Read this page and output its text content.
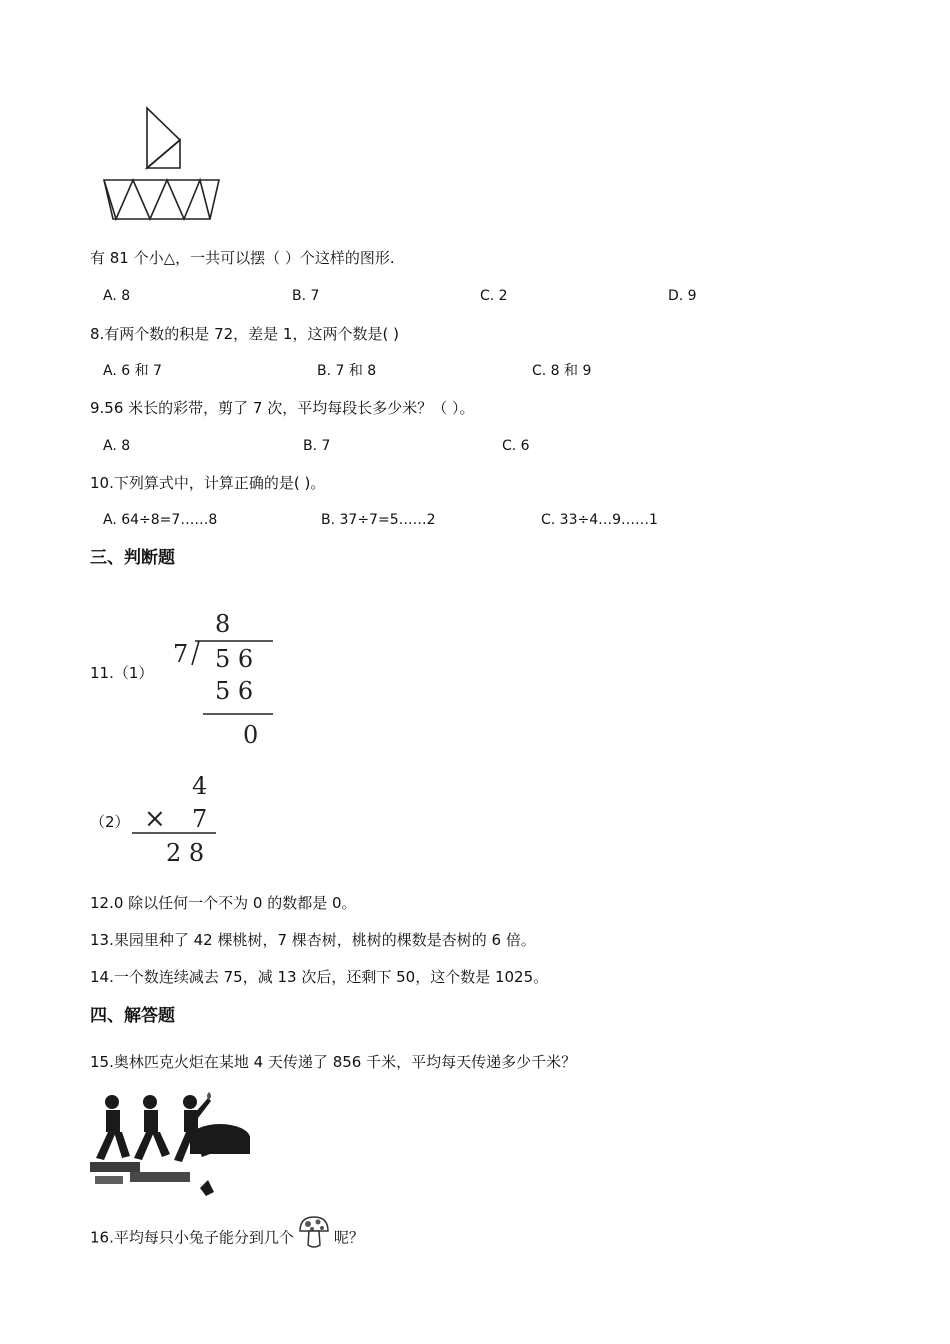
有 81 个小△，一共可以摆（ ）个这样的图形.
A. 8	B. 7	C. 2	D. 9
8.有两个数的积是 72，差是 1，这两个数是( )
A. 6 和 7	B. 7 和 8	C. 8 和 9
9.56 米长的彩带，剪了 7 次，平均每段长多少米？（ ）。
A. 8	B. 7	C. 6
10.下列算式中，计算正确的是( )。
A. 64÷8=7……8	B. 37÷7=5……2	C. 33÷4…9……1
三、判断题
11.（1）
8
7 5 6
5 6
0
（2）
4
× 7
2 8
12.0 除以任何一个不为 0 的数都是 0。
13.果园里种了 42 棵桃树，7 棵杏树，桃树的棵数是杏树的 6 倍。
14.一个数连续减去 75，减 13 次后，还剩下 50，这个数是 1025。
四、解答题
15.奥林匹克火炬在某地 4 天传递了 856 千米，平均每天传递多少千米？
16.平均每只小兔子能分到几个	呢？
